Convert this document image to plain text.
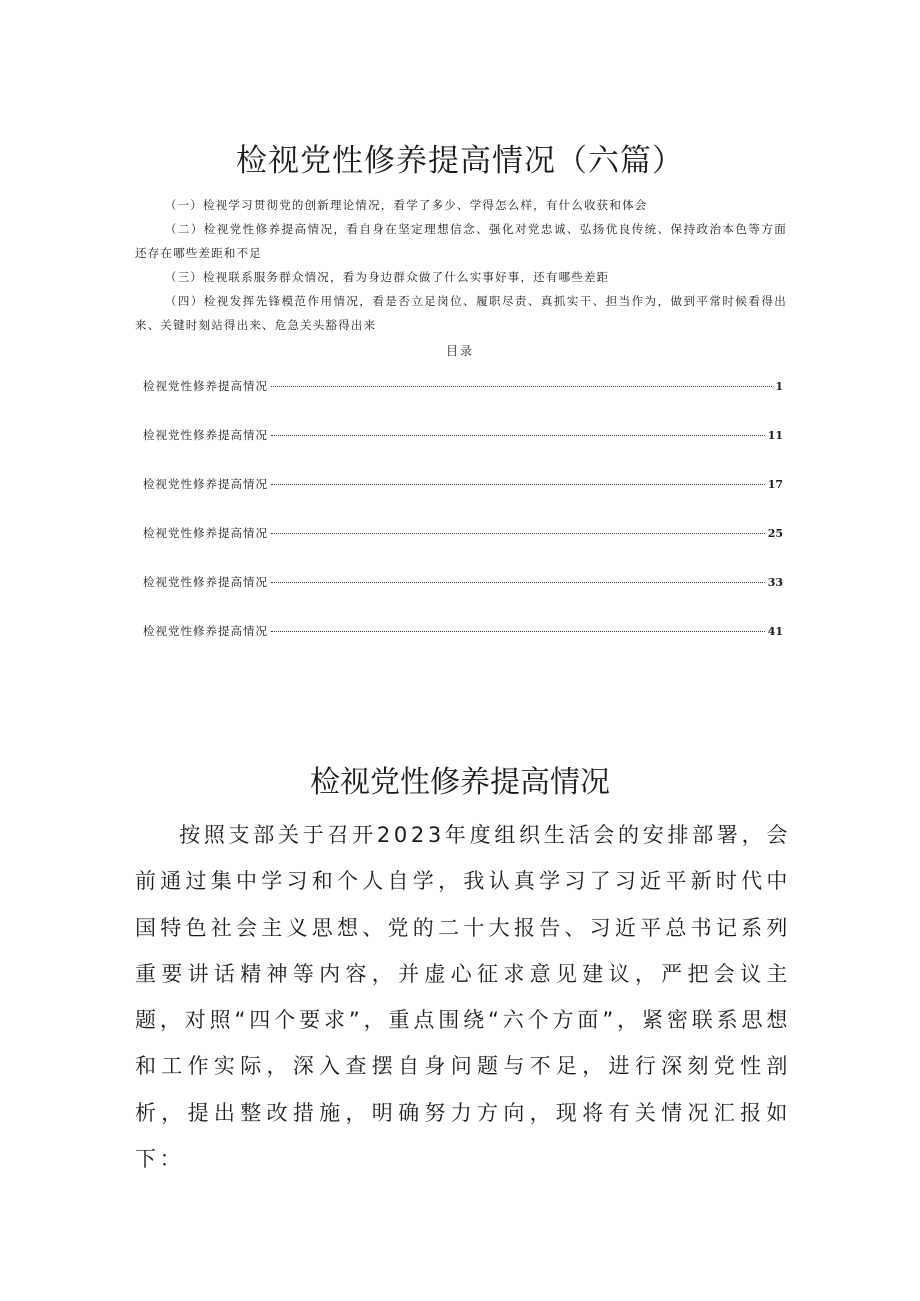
检视党性修养提高情况（六篇）

（一）检视学习贯彻党的创新理论情况，看学了多少、学得怎么样，有什么收获和体会

（二）检视党性修养提高情况，看自身在坚定理想信念、强化对党忠诚、弘扬优良传统、保持政治本色等方面还存在哪些差距和不足

（三）检视联系服务群众情况，看为身边群众做了什么实事好事，还有哪些差距

（四）检视发挥先锋模范作用情况，看是否立足岗位、履职尽责、真抓实干、担当作为，做到平常时候看得出来、关键时刻站得出来、危急关头豁得出来

目录
检视党性修养提高情况	1
检视党性修养提高情况	11
检视党性修养提高情况	17
检视党性修养提高情况	25
检视党性修养提高情况	33
检视党性修养提高情况	41
检视党性修养提高情况

按照支部关于召开2023年度组织生活会的安排部署，会前通过集中学习和个人自学，我认真学习了习近平新时代中国特色社会主义思想、党的二十大报告、习近平总书记系列重要讲话精神等内容，并虚心征求意见建议，严把会议主题，对照“四个要求”，重点围绕“六个方面”，紧密联系思想和工作实际，深入查摆自身问题与不足，进行深刻党性剖析，提出整改措施，明确努力方向，现将有关情况汇报如下：
